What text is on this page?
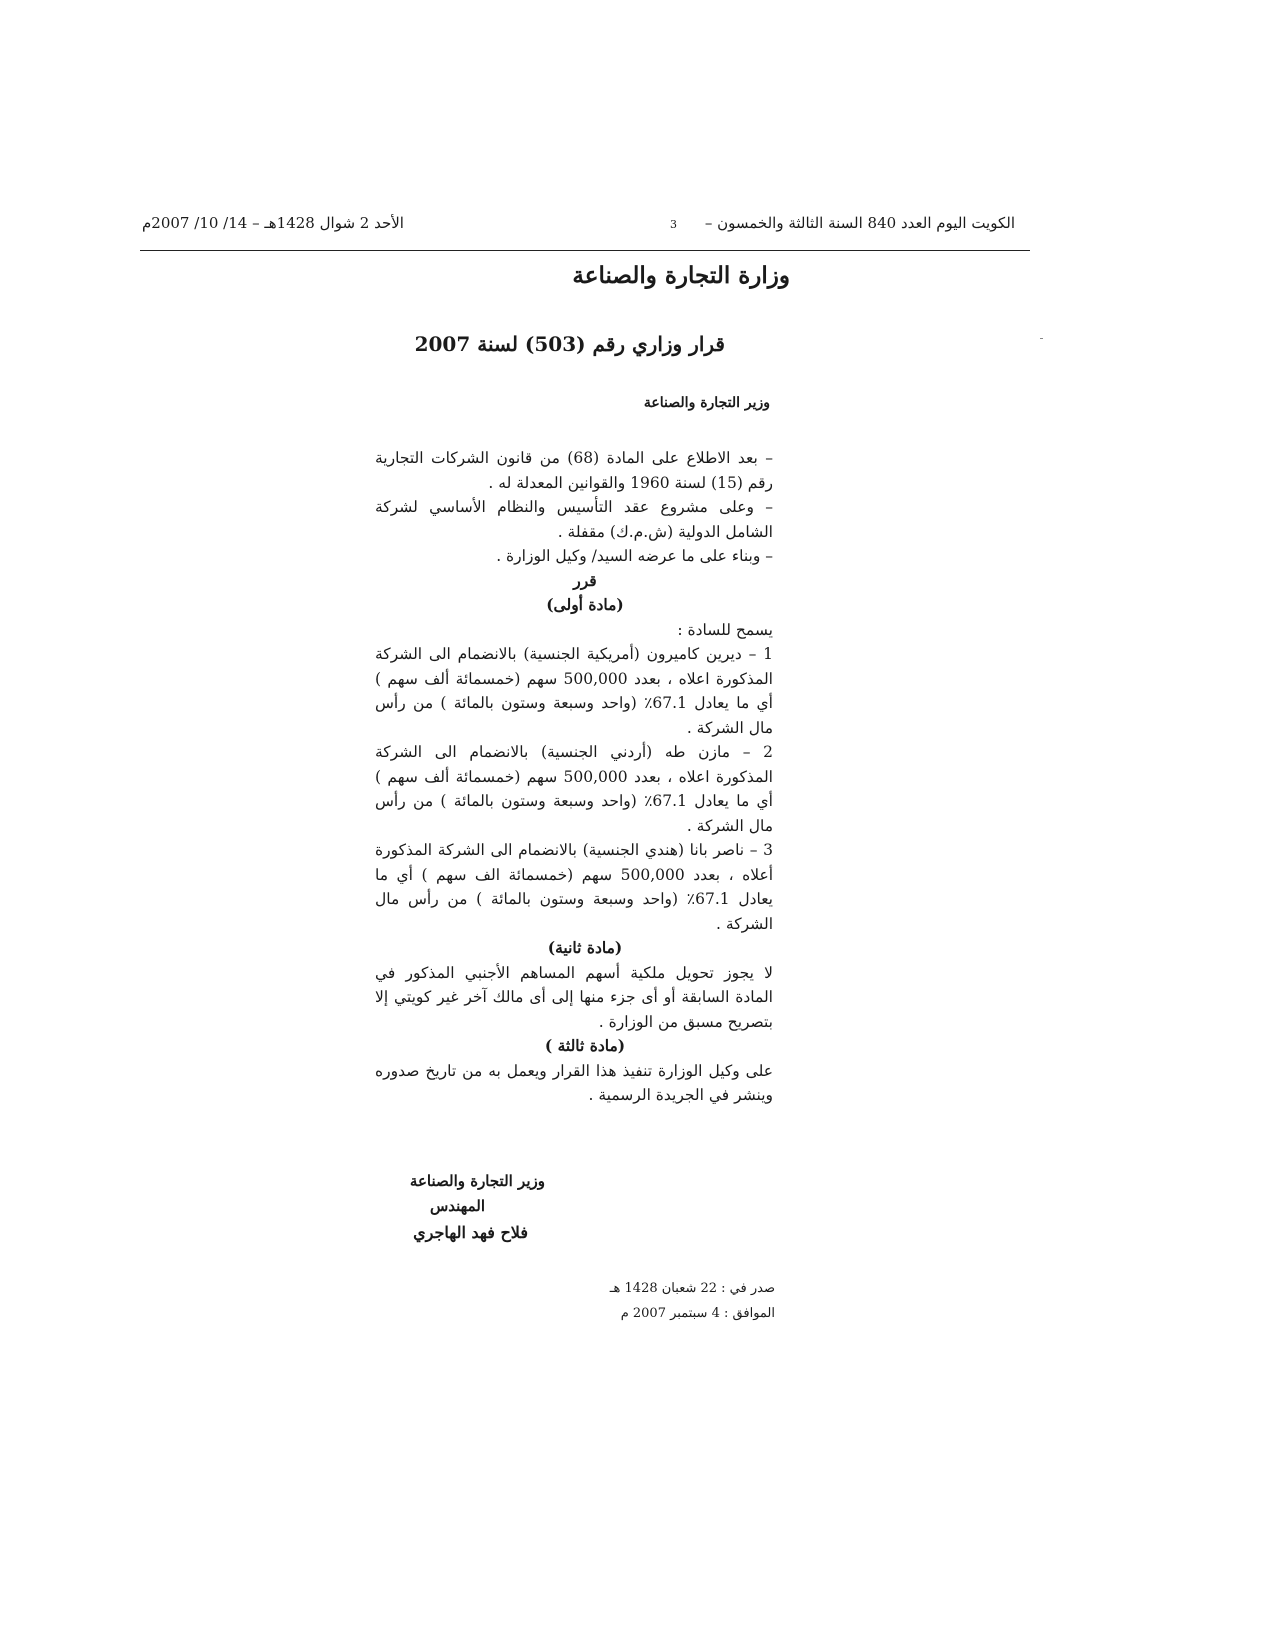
الكويت اليوم العدد 840 السنة الثالثة والخمسون –
3
الأحد 2 شوال 1428هـ – 14/ 10/ 2007م
وزارة التجارة والصناعة
قرار وزاري رقم (503) لسنة 2007
وزير التجارة والصناعة

– بعد الاطلاع على المادة (68) من قانون الشركات التجارية رقم (15) لسنة 1960 والقوانين المعدلة له .

– وعلى مشروع عقد التأسيس والنظام الأساسي لشركة الشامل الدولية (ش.م.ك) مقفلة .

– وبناء على ما عرضه السيد/ وكيل الوزارة .

قرر

(مادة أولى)

يسمح للسادة :

1 – ديرين كاميرون (أمريكية الجنسية) بالانضمام الى الشركة المذكورة اعلاه ، بعدد 500,000 سهم (خمسمائة ألف سهم ) أي ما يعادل 67.1٪ (واحد وسبعة وستون بالمائة ) من رأس مال الشركة .

2 – مازن طه (أردني الجنسية) بالانضمام الى الشركة المذكورة اعلاه ، بعدد 500,000 سهم (خمسمائة ألف سهم ) أي ما يعادل 67.1٪ (واحد وسبعة وستون بالمائة ) من رأس مال الشركة .

3 – ناصر بانا (هندي الجنسية) بالانضمام الى الشركة المذكورة أعلاه ، بعدد 500,000 سهم (خمسمائة الف سهم ) أي ما يعادل 67.1٪ (واحد وسبعة وستون بالمائة ) من رأس مال الشركة .

(مادة ثانية)

لا يجوز تحويل ملكية أسهم المساهم الأجنبي المذكور في المادة السابقة أو أى جزء منها إلى أى مالك آخر غير كويتي إلا بتصريح مسبق من الوزارة .

(مادة ثالثة )

على وكيل الوزارة تنفيذ هذا القرار ويعمل به من تاريخ صدوره وينشر في الجريدة الرسمية .

وزير التجارة والصناعة
المهندس
فلاح فهد الهاجري
صدر في : 22 شعبان 1428 هـ
الموافق : 4 سبتمبر 2007 م
